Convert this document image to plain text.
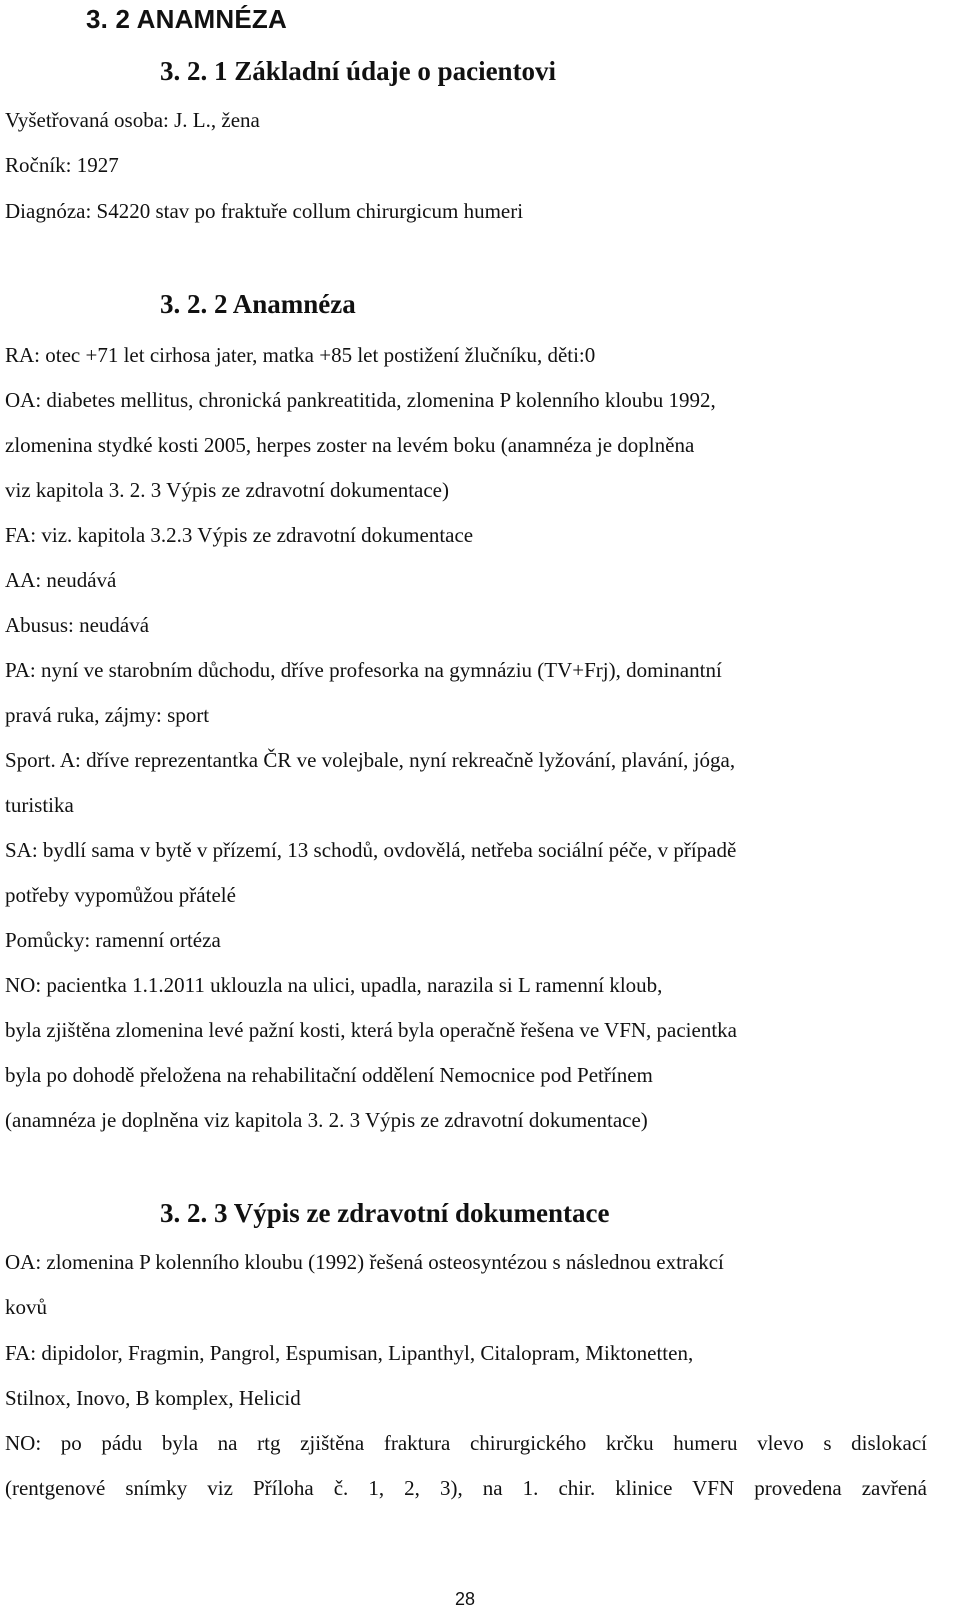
3. 2 ANAMNÉZA
3. 2. 1 Základní údaje o pacientovi
Vyšetřovaná osoba: J. L., žena
Ročník: 1927
Diagnóza: S4220 stav po fraktuře collum chirurgicum humeri
3. 2. 2 Anamnéza
RA: otec +71 let cirhosa jater, matka +85 let postižení žlučníku, děti:0
OA: diabetes mellitus, chronická pankreatitida, zlomenina P kolenního kloubu 1992,
zlomenina stydké kosti 2005, herpes zoster na levém boku (anamnéza je doplněna
viz kapitola 3. 2. 3 Výpis ze zdravotní dokumentace)
FA: viz. kapitola 3.2.3 Výpis ze zdravotní dokumentace
AA: neudává
Abusus: neudává
PA: nyní ve starobním důchodu, dříve profesorka na gymnáziu (TV+Frj), dominantní
pravá ruka, zájmy: sport
Sport. A: dříve reprezentantka ČR ve volejbale, nyní rekreačně lyžování, plavání, jóga,
turistika
SA: bydlí sama v bytě v přízemí, 13 schodů, ovdovělá, netřeba sociální péče, v případě
potřeby vypomůžou přátelé
Pomůcky: ramenní ortéza
NO: pacientka 1.1.2011 uklouzla na ulici, upadla, narazila si L ramenní kloub,
byla zjištěna zlomenina levé pažní kosti, která byla operačně řešena ve VFN, pacientka
byla po dohodě přeložena na rehabilitační oddělení Nemocnice pod Petřínem
(anamnéza je doplněna viz kapitola 3. 2. 3 Výpis ze zdravotní dokumentace)
3. 2. 3 Výpis ze zdravotní dokumentace
OA: zlomenina P kolenního kloubu (1992) řešená osteosyntézou s následnou extrakcí
kovů
FA: dipidolor, Fragmin, Pangrol, Espumisan, Lipanthyl, Citalopram, Miktonetten,
Stilnox, Inovo, B komplex, Helicid
NO: po pádu byla na rtg zjištěna fraktura chirurgického krčku humeru vlevo s dislokací
(rentgenové snímky viz Příloha č. 1, 2, 3), na 1. chir. klinice VFN provedena zavřená
28
